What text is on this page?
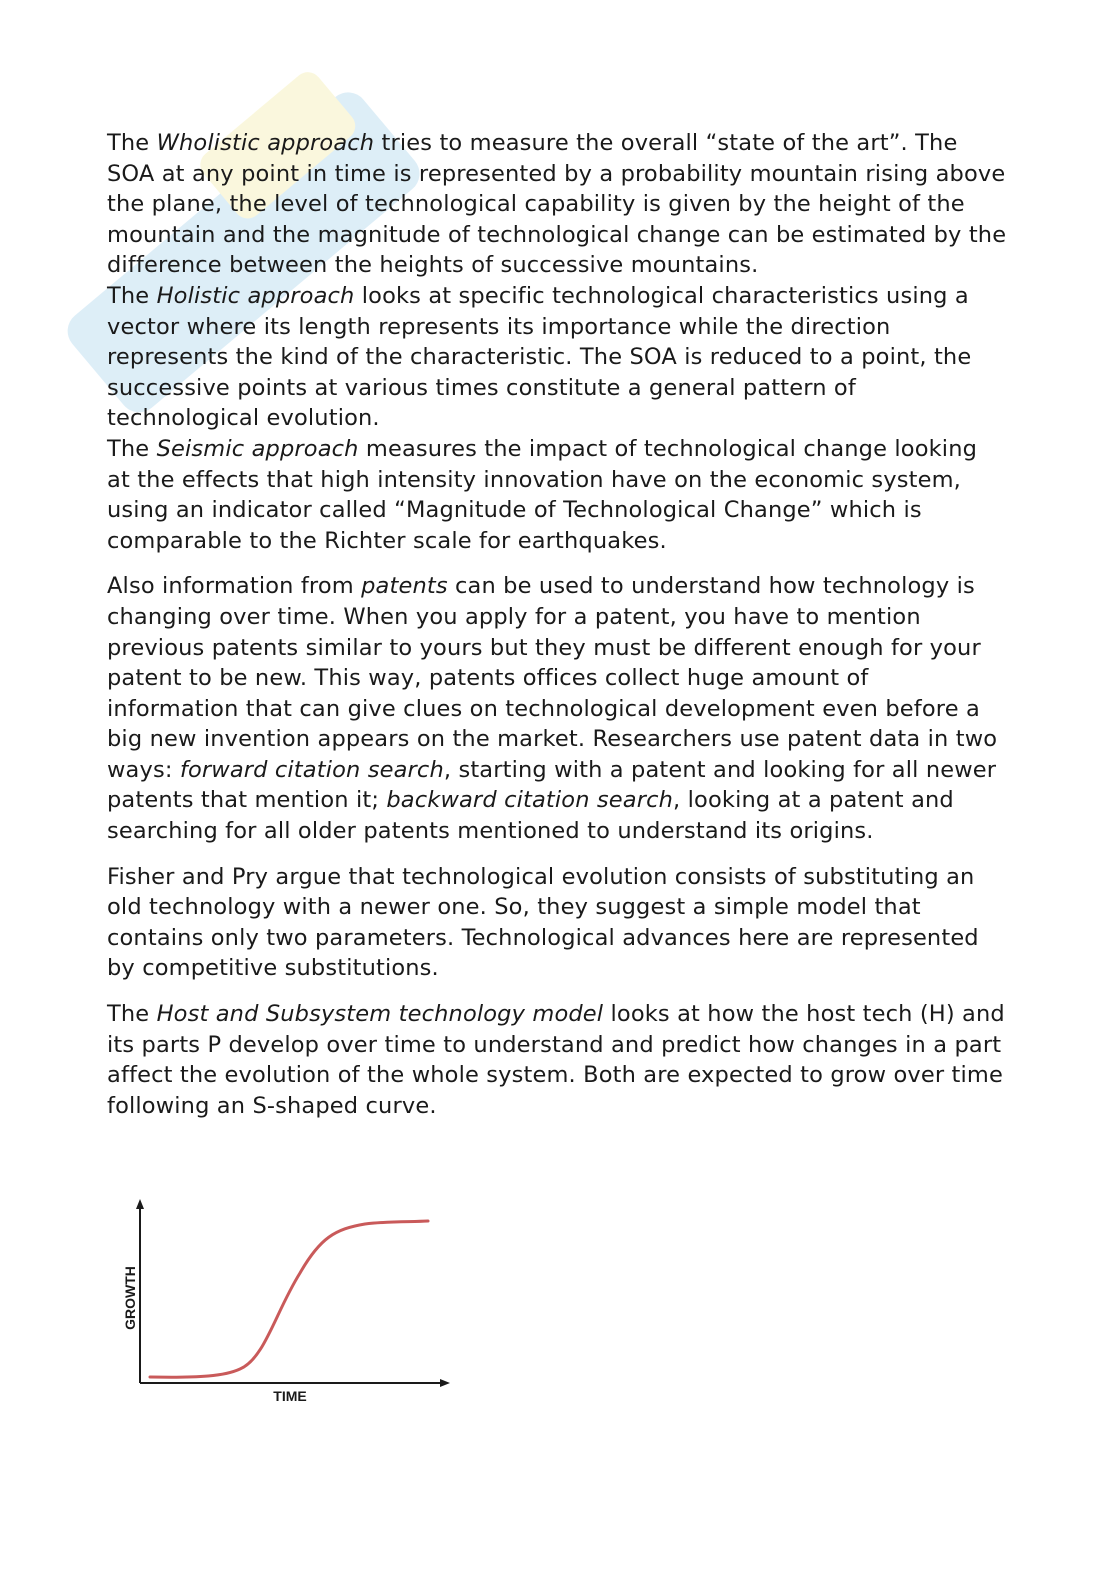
The Wholistic approach tries to measure the overall “state of the art”. The SOA at any point in time is represented by a probability mountain rising above the plane, the level of technological capability is given by the height of the mountain and the magnitude of technological change can be estimated by the difference between the heights of successive mountains.

The Holistic approach looks at specific technological characteristics using a vector where its length represents its importance while the direction represents the kind of the characteristic. The SOA is reduced to a point, the successive points at various times constitute a general pattern of technological evolution.

The Seismic approach measures the impact of technological change looking at the effects that high intensity innovation have on the economic system, using an indicator called “Magnitude of Technological Change” which is comparable to the Richter scale for earthquakes.

Also information from patents can be used to understand how technology is changing over time. When you apply for a patent, you have to mention previous patents similar to yours but they must be different enough for your patent to be new. This way, patents offices collect huge amount of information that can give clues on technological development even before a big new invention appears on the market. Researchers use patent data in two ways: forward citation search, starting with a patent and looking for all newer patents that mention it; backward citation search, looking at a patent and searching for all older patents mentioned to understand its origins.

Fisher and Pry argue that technological evolution consists of substituting an old technology with a newer one. So, they suggest a simple model that contains only two parameters. Technological advances here are represented by competitive substitutions.

The Host and Subsystem technology model looks at how the host tech (H) and its parts P develop over time to understand and predict how changes in a part affect the evolution of the whole system. Both are expected to grow over time following an S-shaped curve.

TIME
GROWTH
